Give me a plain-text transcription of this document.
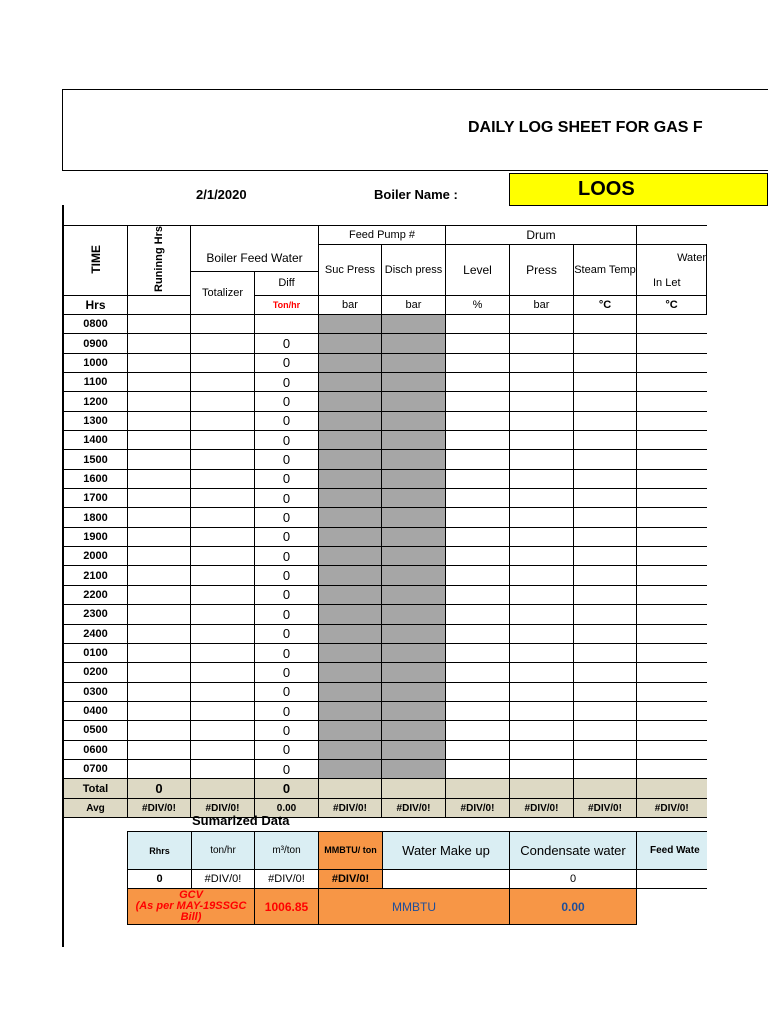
DAILY LOG SHEET FOR GAS F
2/1/2020	Boiler Name :	LOOS
TIME	Runinng Hrs			Feed Pump #		Drum			
		Boiler Feed Water		Suc Press	Disch press	Level	Press	Steam Temp	Water
		Totalizer	Diff						In Let
Hrs			Ton/hr	bar	bar	%	bar	°C	°C
0800									
0900			0						
1000			0						
1100			0						
1200			0						
1300			0						
1400			0						
1500			0						
1600			0						
1700			0						
1800			0						
1900			0						
2000			0						
2100			0						
2200			0						
2300			0						
2400			0						
0100			0						
0200			0						
0300			0						
0400			0						
0500			0						
0600			0						
0700			0						
Total	0		0						
Avg	#DIV/0!	#DIV/0!	0.00	#DIV/0!	#DIV/0!	#DIV/0!	#DIV/0!	#DIV/0!	#DIV/0!
Sumarized Data
Rhrs	ton/hr	m³/ton	MMBTU/ ton	Water Make up	Condensate water	Feed Wate
0	#DIV/0!	#DIV/0!	#DIV/0!		0	

GCV
(As per MAY-19SSGC Bill)		1006.85	MMBTU		0.00	
